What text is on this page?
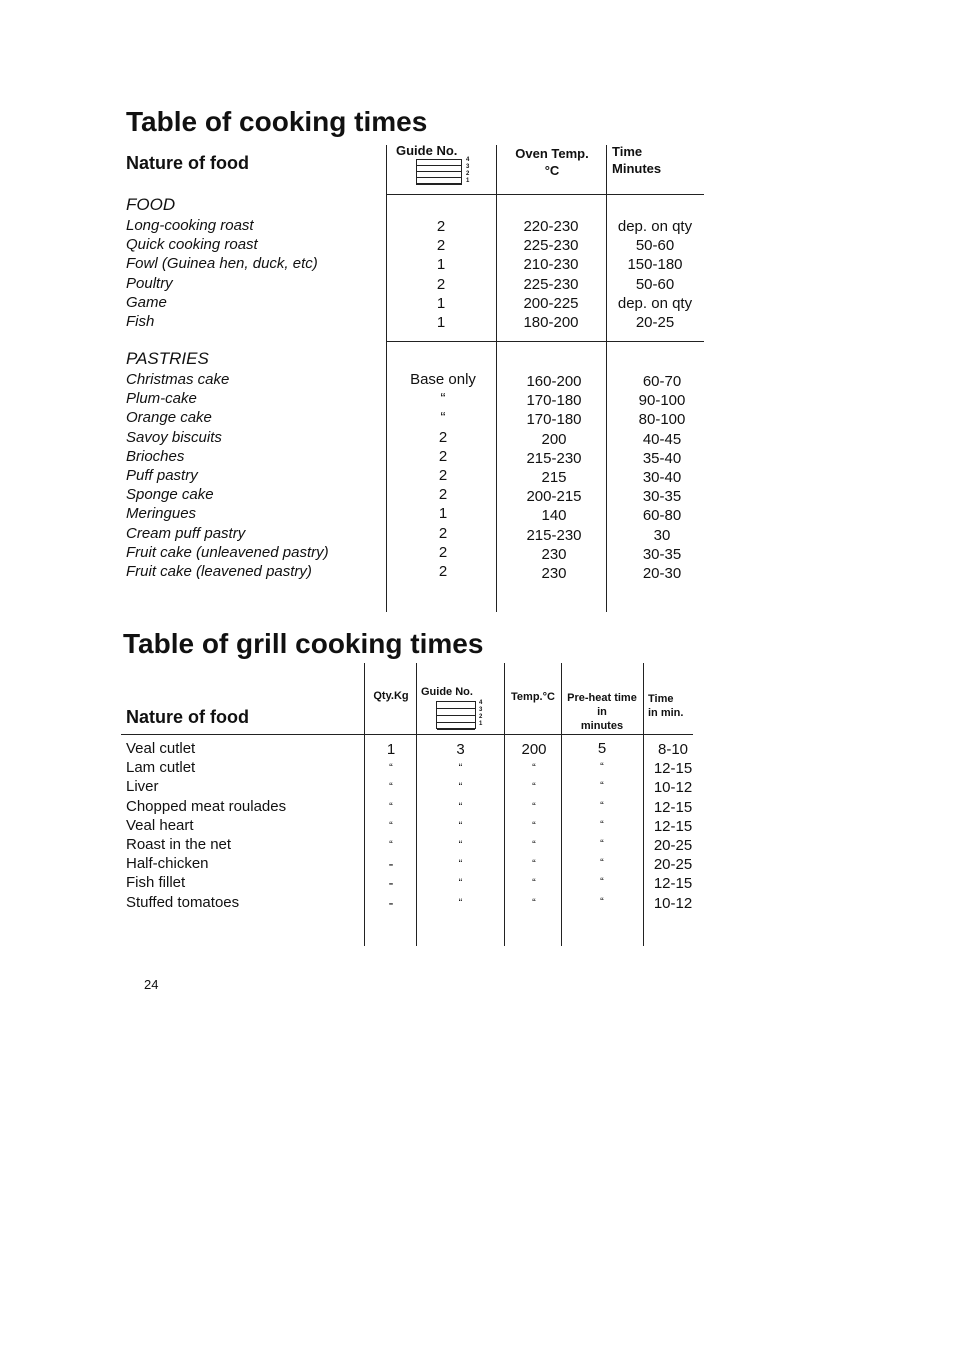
Table of cooking times
Nature of food
Guide No.
4
3
2
1
Oven Temp.
°C
Time
Minutes
FOOD
Long-cooking roast
Quick cooking roast
Fowl (Guinea hen, duck, etc)
Poultry
Game
Fish
2
2
1
2
1
1
220-230
225-230
210-230
225-230
200-225
180-200
dep. on qty
50-60
150-180
50-60
dep. on qty
20-25
PASTRIES
Christmas cake
Plum-cake
Orange cake
Savoy biscuits
Brioches
Puff pastry
Sponge cake
Meringues
Cream puff pastry
Fruit cake (unleavened pastry)
Fruit cake (leavened pastry)
Base only
“
“
2
2
2
2
1
2
2
2
160-200
170-180
170-180
200
215-230
215
200-215
140
215-230
230
230
60-70
90-100
80-100
40-45
35-40
30-40
30-35
60-80
30
30-35
20-30
Table of grill cooking times
Nature of food
Qty.Kg	Guide No.
4
3
2
1
Temp.°C	Pre-heat time
in
minutes
Time
in min.
Veal cutlet
Lam cutlet
Liver
Chopped meat roulades
Veal heart
Roast in the net
Half-chicken
Fish fillet
Stuffed tomatoes
1
“
“
“
“
“
-
-
-
3
“
“
“
“
“
“
“
“
200
“
“
“
“
“
“
“
“
5
“
“
“
“
“
“
“
“
8-10
12-15
10-12
12-15
12-15
20-25
20-25
12-15
10-12
24
